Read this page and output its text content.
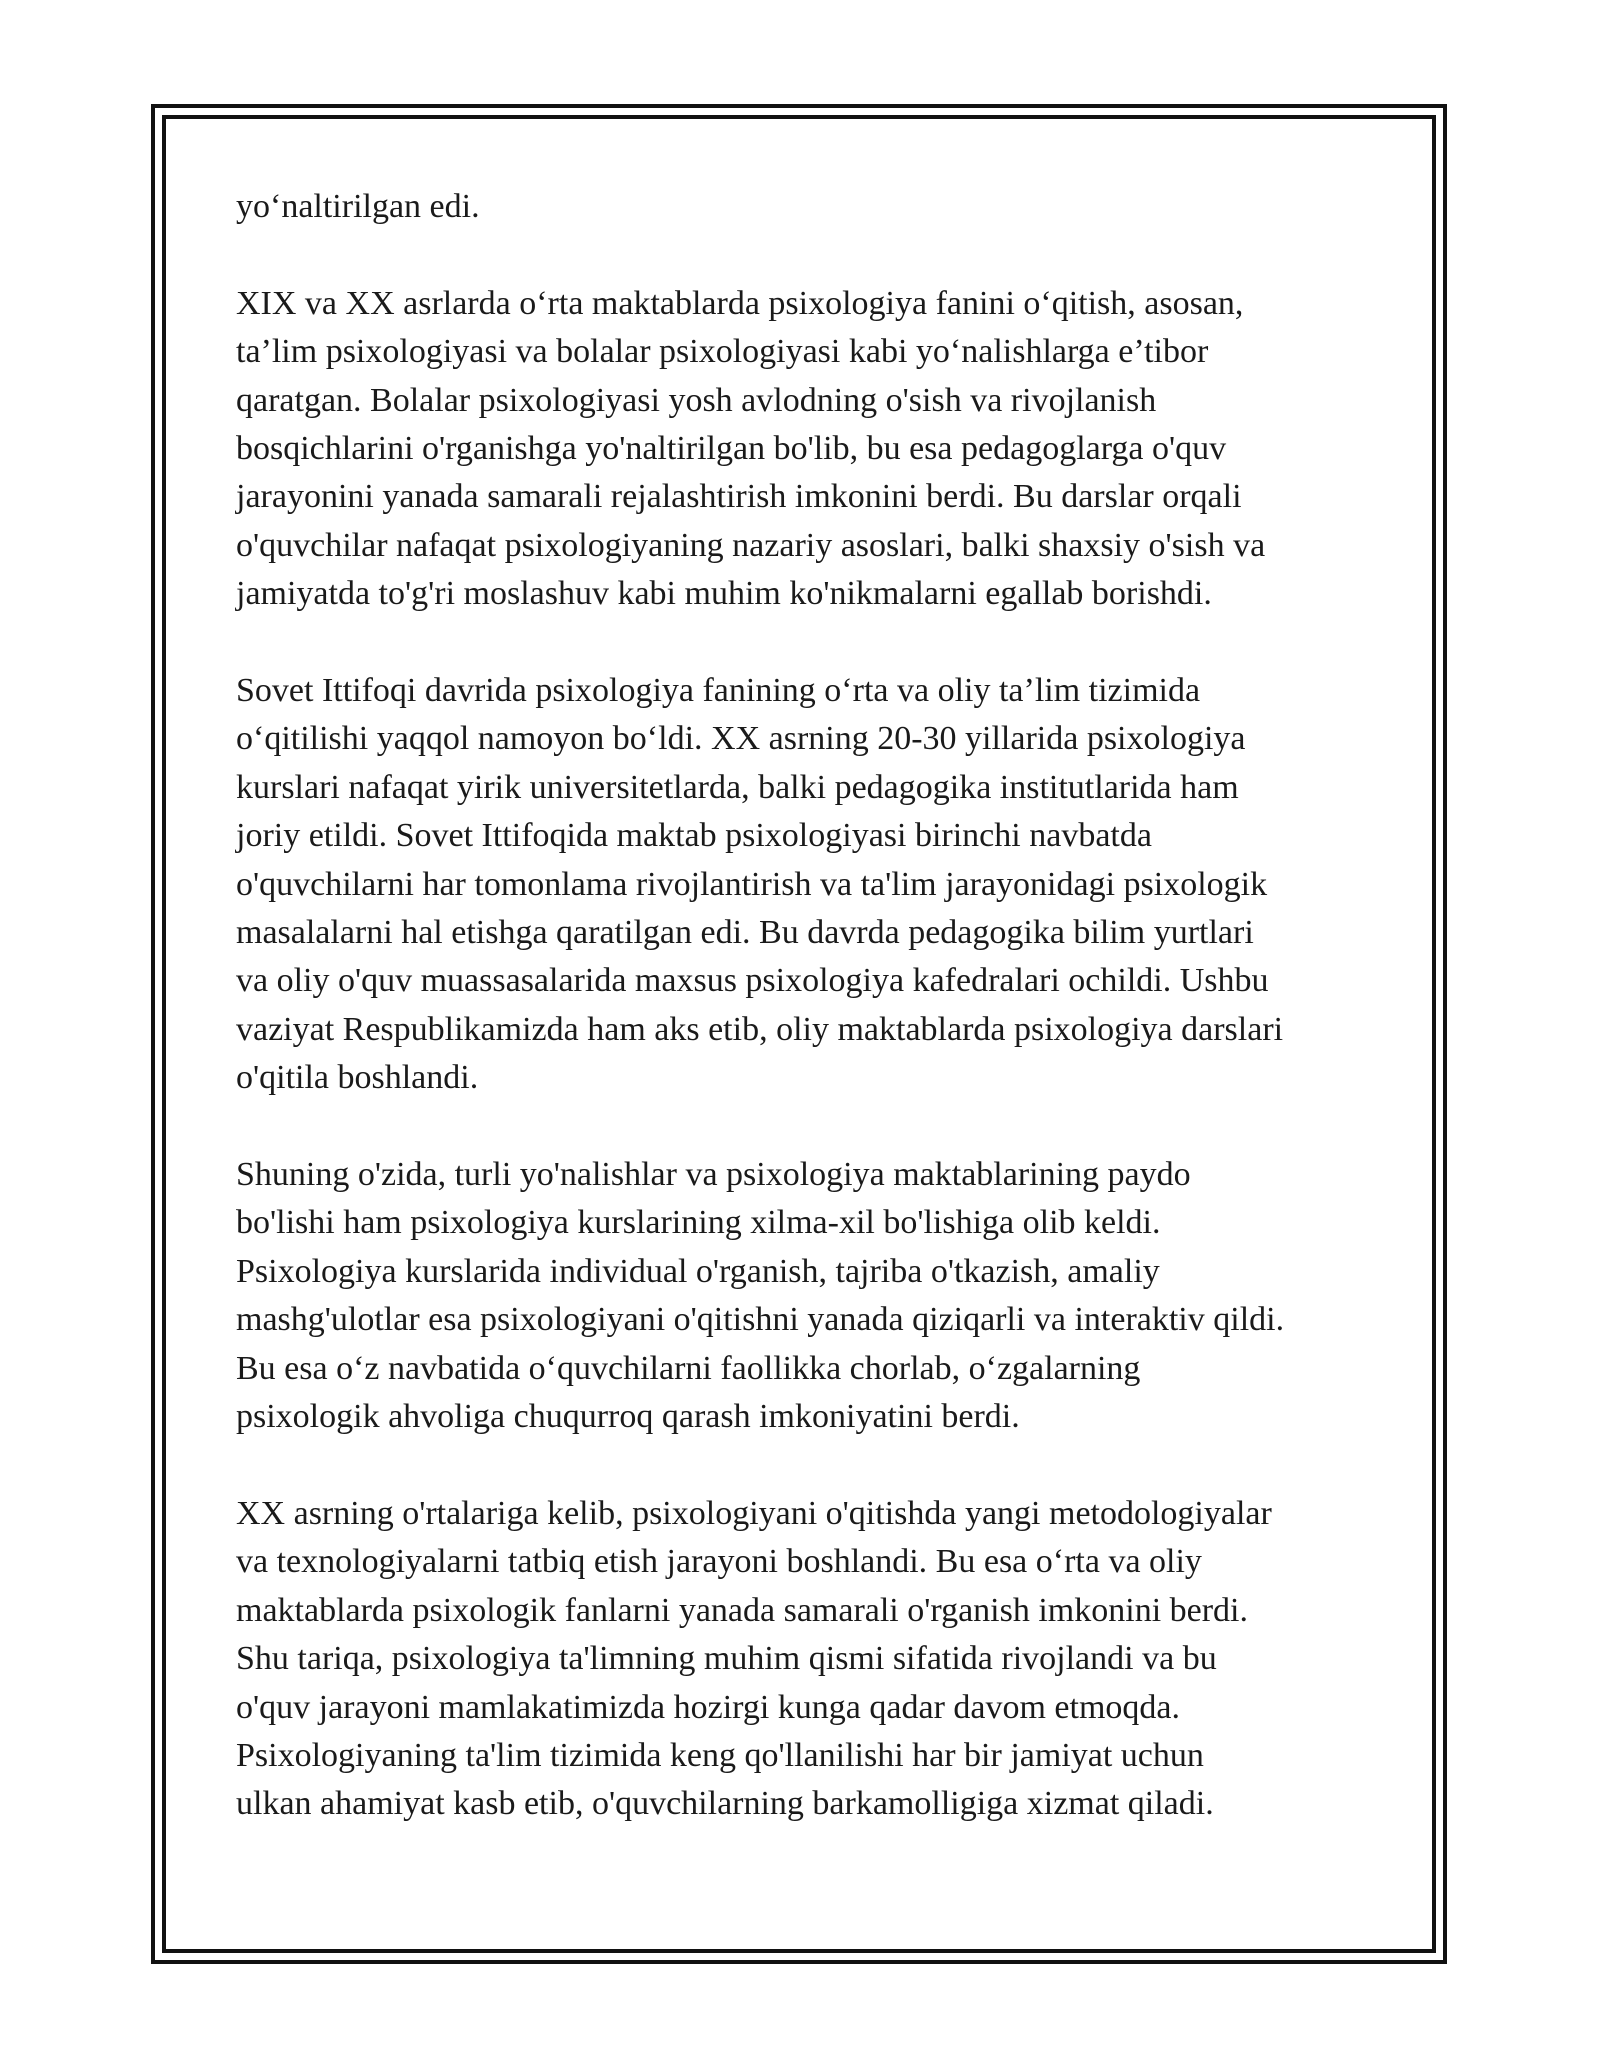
yo‘naltirilgan edi.

XIX va XX asrlarda o‘rta maktablarda psixologiya fanini o‘qitish, asosan,
ta’lim psixologiyasi va bolalar psixologiyasi kabi yo‘nalishlarga e’tibor
qaratgan. Bolalar psixologiyasi yosh avlodning o'sish va rivojlanish
bosqichlarini o'rganishga yo'naltirilgan bo'lib, bu esa pedagoglarga o'quv
jarayonini yanada samarali rejalashtirish imkonini berdi. Bu darslar orqali
o'quvchilar nafaqat psixologiyaning nazariy asoslari, balki shaxsiy o'sish va
jamiyatda to'g'ri moslashuv kabi muhim ko'nikmalarni egallab borishdi.

Sovet Ittifoqi davrida psixologiya fanining o‘rta va oliy ta’lim tizimida
o‘qitilishi yaqqol namoyon bo‘ldi. XX asrning 20-30 yillarida psixologiya
kurslari nafaqat yirik universitetlarda, balki pedagogika institutlarida ham
joriy etildi. Sovet Ittifoqida maktab psixologiyasi birinchi navbatda
o'quvchilarni har tomonlama rivojlantirish va ta'lim jarayonidagi psixologik
masalalarni hal etishga qaratilgan edi. Bu davrda pedagogika bilim yurtlari
va oliy o'quv muassasalarida maxsus psixologiya kafedralari ochildi. Ushbu
vaziyat Respublikamizda ham aks etib, oliy maktablarda psixologiya darslari
o'qitila boshlandi.

Shuning o'zida, turli yo'nalishlar va psixologiya maktablarining paydo
bo'lishi ham psixologiya kurslarining xilma-xil bo'lishiga olib keldi.
Psixologiya kurslarida individual o'rganish, tajriba o'tkazish, amaliy
mashg'ulotlar esa psixologiyani o'qitishni yanada qiziqarli va interaktiv qildi.
Bu esa o‘z navbatida o‘quvchilarni faollikka chorlab, o‘zgalarning
psixologik ahvoliga chuqurroq qarash imkoniyatini berdi.

XX asrning o'rtalariga kelib, psixologiyani o'qitishda yangi metodologiyalar
va texnologiyalarni tatbiq etish jarayoni boshlandi. Bu esa o‘rta va oliy
maktablarda psixologik fanlarni yanada samarali o'rganish imkonini berdi.
Shu tariqa, psixologiya ta'limning muhim qismi sifatida rivojlandi va bu
o'quv jarayoni mamlakatimizda hozirgi kunga qadar davom etmoqda.
Psixologiyaning ta'lim tizimida keng qo'llanilishi har bir jamiyat uchun
ulkan ahamiyat kasb etib, o'quvchilarning barkamolligiga xizmat qiladi.
